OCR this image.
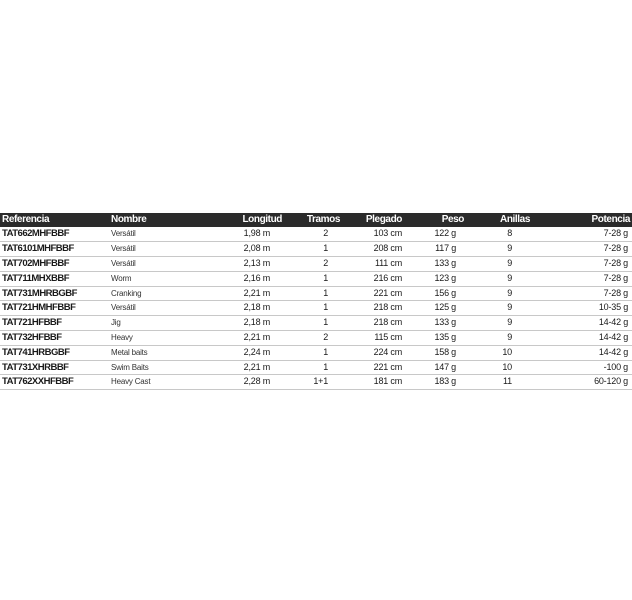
Referencia	Nombre	Longitud	Tramos	Plegado	Peso	Anillas	Potencia
TAT662MHFBBF	Versátil	1,98 m	2	103 cm	122 g	8	7-28 g
TAT6101MHFBBF	Versátil	2,08 m	1	208 cm	117 g	9	7-28 g
TAT702MHFBBF	Versátil	2,13 m	2	111 cm	133 g	9	7-28 g
TAT711MHXBBF	Worm	2,16 m	1	216 cm	123 g	9	7-28 g
TAT731MHRBGBF	Cranking	2,21 m	1	221 cm	156 g	9	7-28 g
TAT721HMHFBBF	Versátil	2,18 m	1	218 cm	125 g	9	10-35 g
TAT721HFBBF	Jig	2,18 m	1	218 cm	133 g	9	14-42 g
TAT732HFBBF	Heavy	2,21 m	2	115 cm	135 g	9	14-42 g
TAT741HRBGBF	Metal baits	2,24 m	1	224 cm	158 g	10	14-42 g
TAT731XHRBBF	Swim Baits	2,21 m	1	221 cm	147 g	10	-100 g
TAT762XXHFBBF	Heavy Cast	2,28 m	1+1	181 cm	183 g	11	60-120 g
